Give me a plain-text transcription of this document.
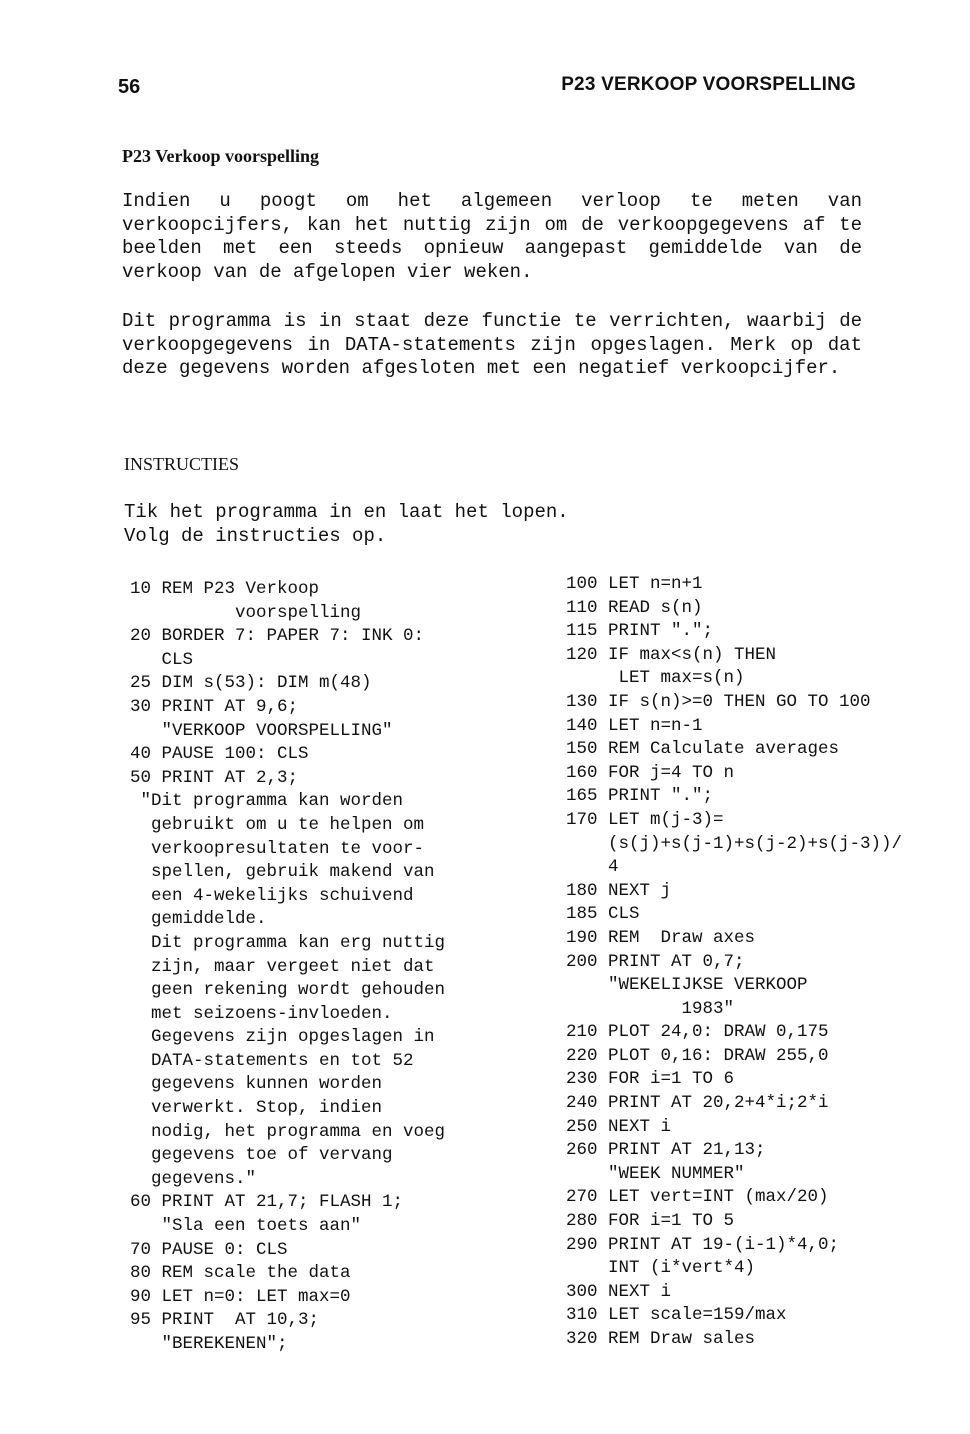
56	P23 VERKOOP VOORSPELLING
P23 Verkoop voorspelling

Indien u poogt om het algemeen verloop te meten van verkoopcijfers, kan het nuttig zijn om de verkoopgegevens af te beelden met een steeds opnieuw aangepast gemiddelde van de verkoop van de afgelopen vier weken.

Dit programma is in staat deze functie te verrichten, waarbij de verkoopgegevens in DATA-statements zijn opgeslagen. Merk op dat deze gegevens worden afgesloten met een negatief verkoopcijfer.

INSTRUCTIES
Tik het programma in en laat het lopen.
Volg de instructies op.
10 REM P23 Verkoop
voorspelling
20 BORDER 7: PAPER 7: INK 0:
CLS
25 DIM s(53): DIM m(48)
30 PRINT AT 9,6;
"VERKOOP VOORSPELLING"
40 PAUSE 100: CLS
50 PRINT AT 2,3;
"Dit programma kan worden
gebruikt om u te helpen om
verkoopresultaten te voor-
spellen, gebruik makend van
een 4-wekelijks schuivend
gemiddelde.
Dit programma kan erg nuttig
zijn, maar vergeet niet dat
geen rekening wordt gehouden
met seizoens-invloeden.
Gegevens zijn opgeslagen in
DATA-statements en tot 52
gegevens kunnen worden
verwerkt. Stop, indien
nodig, het programma en voeg
gegevens toe of vervang
gegevens."
60 PRINT AT 21,7; FLASH 1;
"Sla een toets aan"
70 PAUSE 0: CLS
80 REM scale the data
90 LET n=0: LET max=0
95 PRINT  AT 10,3;
"BEREKENEN";
100 LET n=n+1
110 READ s(n)
115 PRINT ".";
120 IF max<s(n) THEN
LET max=s(n)
130 IF s(n)>=0 THEN GO TO 100
140 LET n=n-1
150 REM Calculate averages
160 FOR j=4 TO n
165 PRINT ".";
170 LET m(j-3)=
(s(j)+s(j-1)+s(j-2)+s(j-3))/
4
180 NEXT j
185 CLS
190 REM  Draw axes
200 PRINT AT 0,7;
"WEKELIJKSE VERKOOP
1983"
210 PLOT 24,0: DRAW 0,175
220 PLOT 0,16: DRAW 255,0
230 FOR i=1 TO 6
240 PRINT AT 20,2+4*i;2*i
250 NEXT i
260 PRINT AT 21,13;
"WEEK NUMMER"
270 LET vert=INT (max/20)
280 FOR i=1 TO 5
290 PRINT AT 19-(i-1)*4,0;
INT (i*vert*4)
300 NEXT i
310 LET scale=159/max
320 REM Draw sales
